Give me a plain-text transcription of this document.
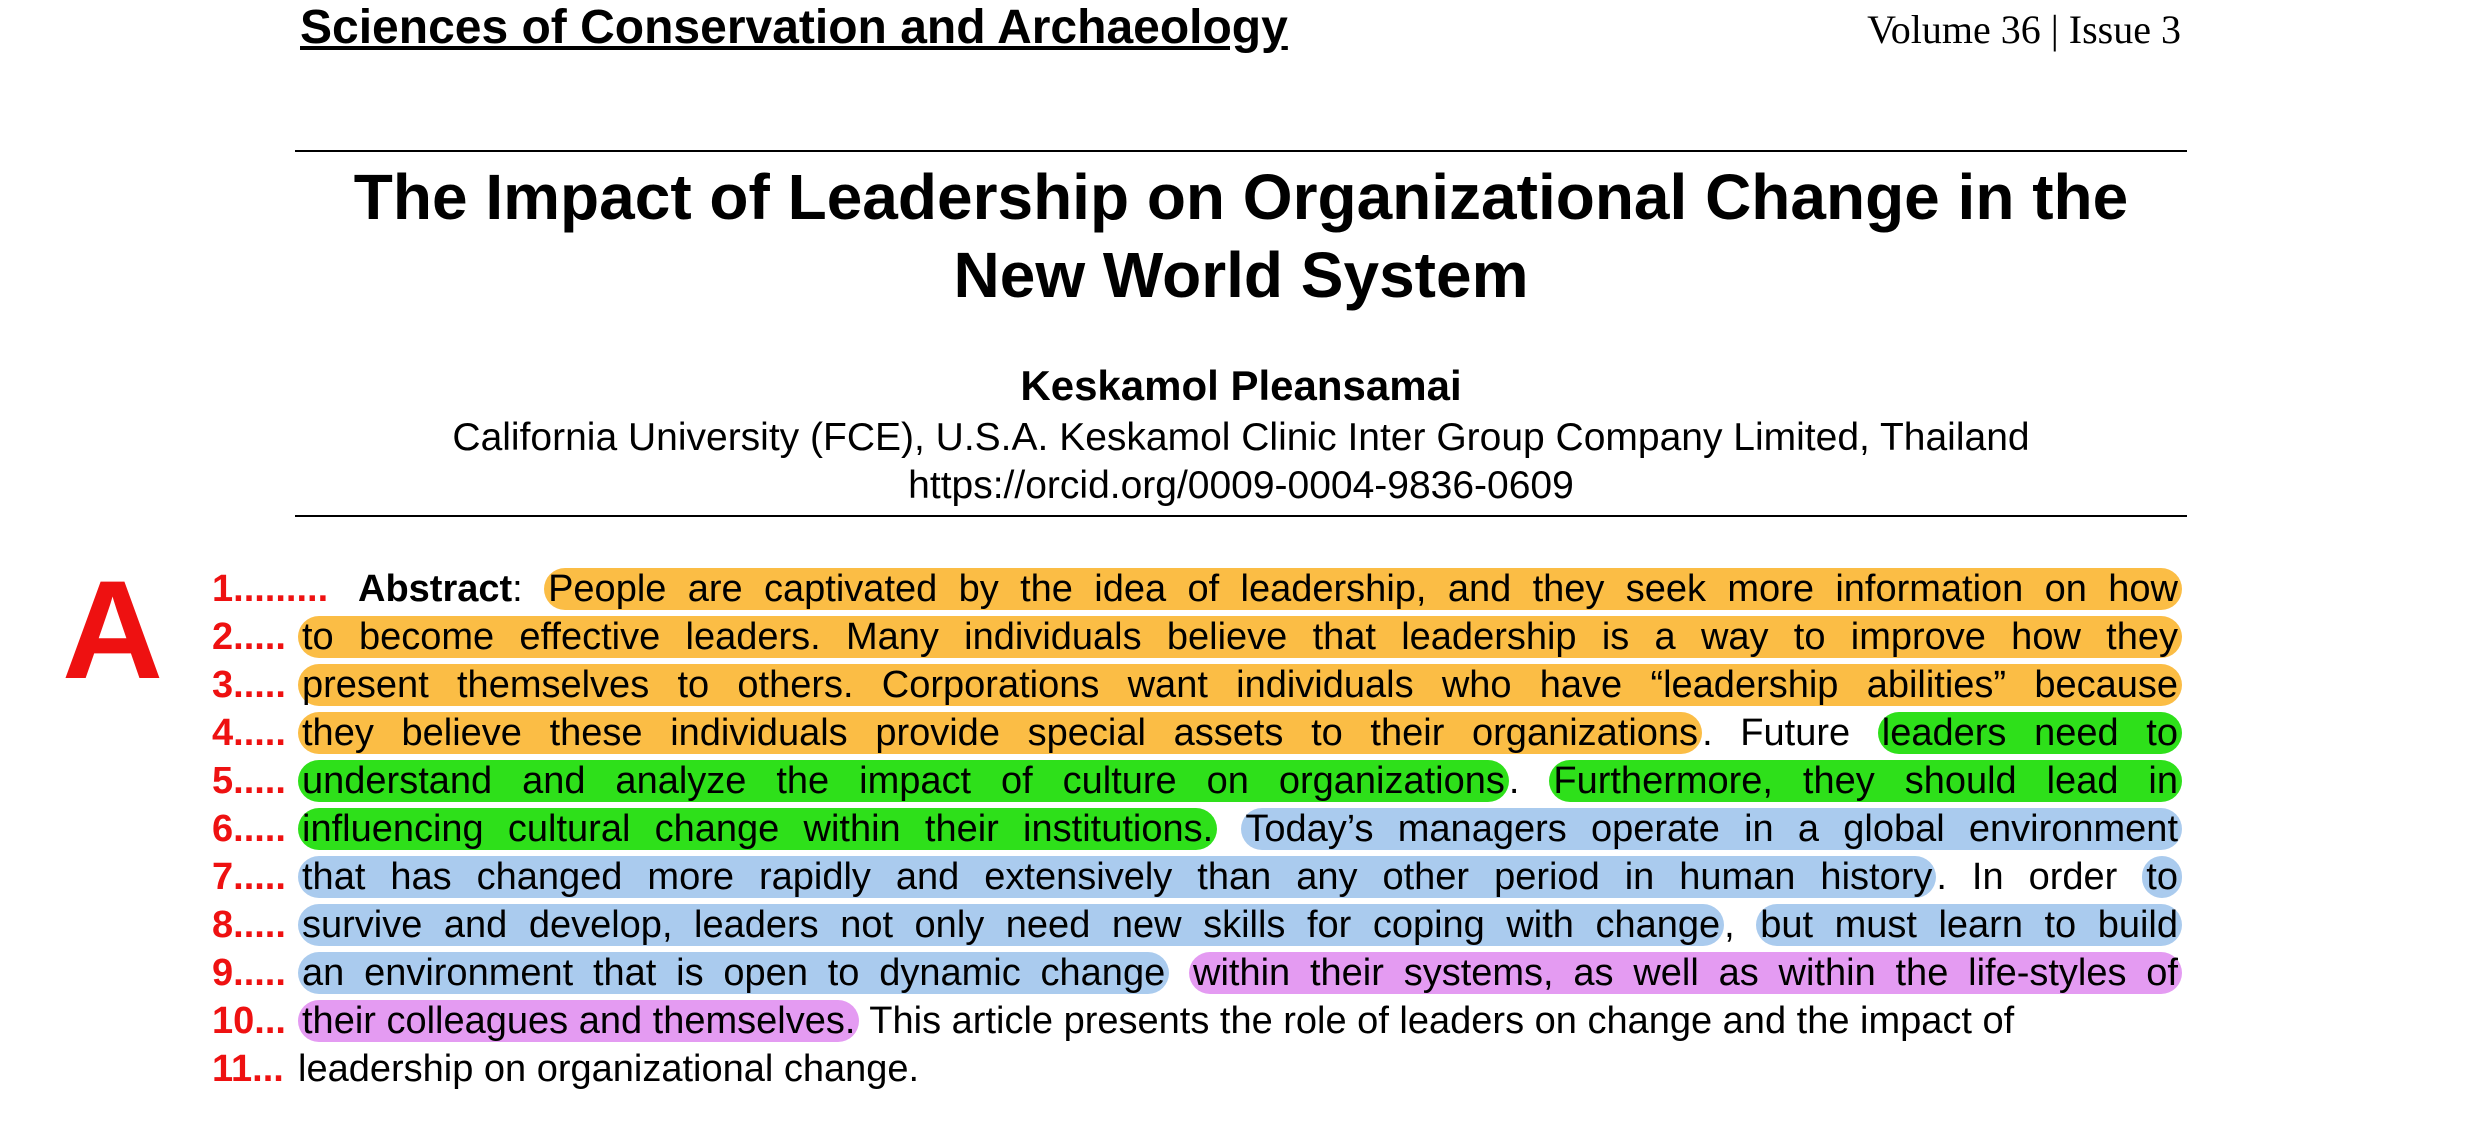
Sciences of Conservation and Archaeology	Volume 36 | Issue 3
The Impact of Leadership on Organizational Change in the New World System
Keskamol Pleansamai
California University (FCE), U.S.A. Keskamol Clinic Inter Group Company Limited, Thailand
https://orcid.org/0009-0004-9836-0609
A 1.........
2.....
3.....
4.....
5.....
6.....
7.....
8.....
9.....
10...
11...
Abstract: People are captivated by the idea of leadership, and they seek more information on how
to become effective leaders. Many individuals believe that leadership is a way to improve how they
present themselves to others. Corporations want individuals who have “leadership abilities” because
they believe these individuals provide special assets to their organizations . Future leaders need to
understand and analyze the impact of culture on organizations . Furthermore, they should lead in
influencing cultural change within their institutions. Today’s managers operate in a global environment
that has changed more rapidly and extensively than any other period in human history . In order to
survive and develop, leaders not only need new skills for coping with change , but must learn to build
an environment that is open to dynamic change within their systems, as well as within the life-styles of
their colleagues and themselves. This article presents the role of leaders on change and the impact of
leadership on organizational change.
